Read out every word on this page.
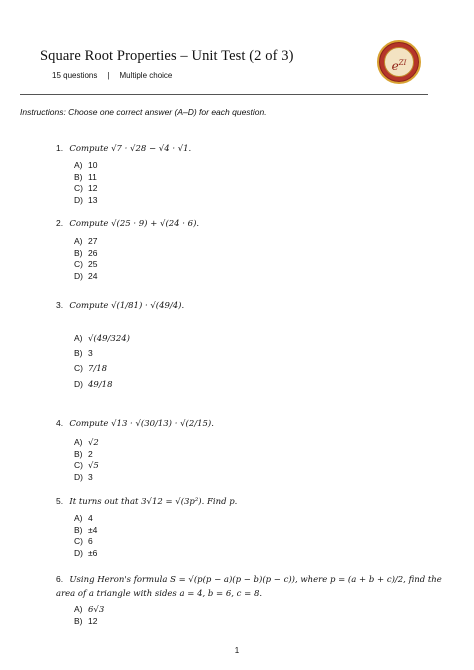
Square Root Properties – Unit Test (2 of 3)
15 questions | Multiple choice
$e^{ZI}$
Instructions: Choose one correct answer (A–D) for each question.
1. Compute √7 · √28 − √4 · √1.
A) 10
B) 11
C) 12
D) 13
2. Compute √(25 · 9) + √(24 · 6).
A) 27
B) 26
C) 25
D) 24
3. Compute √(1/81) · √(49/4).
A) √(49/324)
B) 3
C) 7/18
D) 49/18
4. Compute √13 · √(30/13) · √(2/15).
A) √2
B) 2
C) √5
D) 3
5. It turns out that 3√12 = √(3p²). Find p.
A) 4
B) ±4
C) 6
D) ±6
6. Using Heron's formula S = √(p(p − a)(p − b)(p − c)), where p = (a + b + c)/2, find the area of a triangle with sides a = 4, b = 6, c = 8.
A) 6√3
B) 12
1
